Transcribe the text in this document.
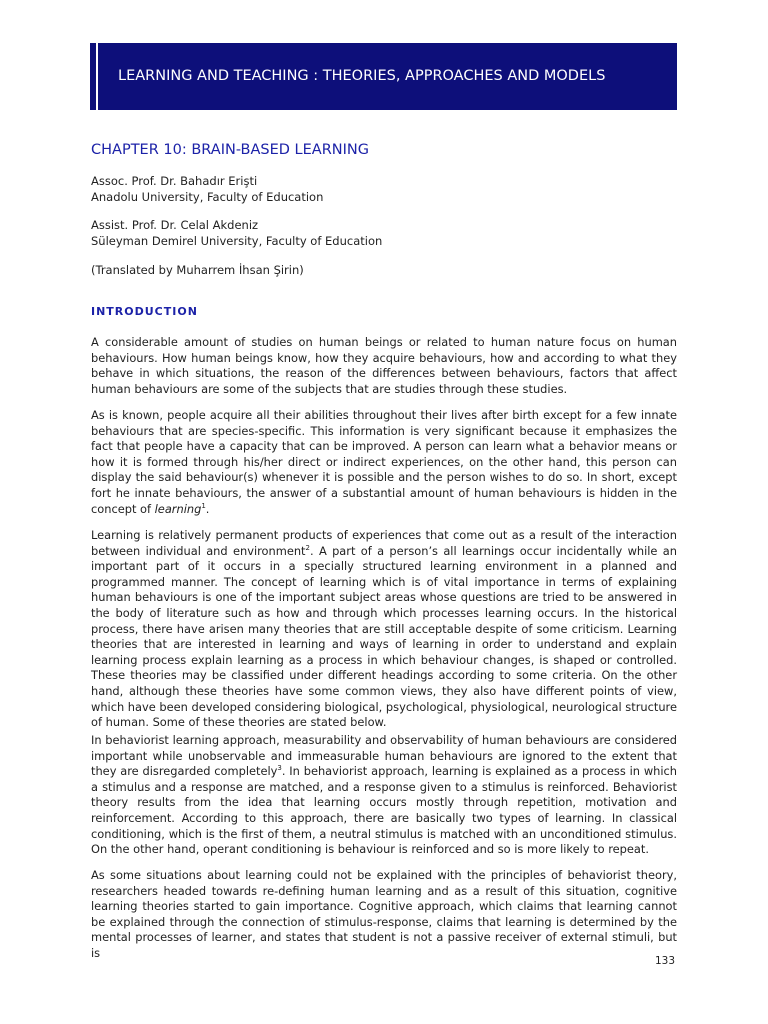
LEARNING AND TEACHING : THEORIES, APPROACHES AND MODELS
CHAPTER 10: BRAIN-BASED LEARNING
Assoc. Prof. Dr. Bahadır Erişti
Anadolu University, Faculty of Education
Assist. Prof. Dr. Celal Akdeniz
Süleyman Demirel University, Faculty of Education
(Translated by Muharrem İhsan Şirin)
INTRODUCTION

A considerable amount of studies on human beings or related to human nature focus on human behaviours. How human beings know, how they acquire behaviours, how and according to what they behave in which situations, the reason of the differences between behaviours, factors that affect human behaviours are some of the subjects that are studies through these studies.

As is known, people acquire all their abilities throughout their lives after birth except for a few innate behaviours that are species-specific. This information is very significant because it emphasizes the fact that people have a capacity that can be improved. A person can learn what a behavior means or how it is formed through his/her direct or indirect experiences, on the other hand, this person can display the said behaviour(s) whenever it is possible and the person wishes to do so. In short, except fort he innate behaviours, the answer of a substantial amount of human behaviours is hidden in the concept of learning$^1$.

Learning is relatively permanent products of experiences that come out as a result of the interaction between individual and environment$^2$. A part of a person’s all learnings occur incidentally while an important part of it occurs in a specially structured learning environment in a planned and programmed manner. The concept of learning which is of vital importance in terms of explaining human behaviours is one of the important subject areas whose questions are tried to be answered in the body of literature such as how and through which processes learning occurs. In the historical process, there have arisen many theories that are still acceptable despite of some criticism. Learning theories that are interested in learning and ways of learning in order to understand and explain learning process explain learning as a process in which behaviour changes, is shaped or controlled. These theories may be classified under different headings according to some criteria. On the other hand, although these theories have some common views, they also have different points of view, which have been developed considering biological, psychological, physiological, neurological structure of human. Some of these theories are stated below.

In behaviorist learning approach, measurability and observability of human behaviours are considered important while unobservable and immeasurable human behaviours are ignored to the extent that they are disregarded completely$^3$. In behaviorist approach, learning is explained as a process in which a stimulus and a response are matched, and a response given to a stimulus is reinforced. Behaviorist theory results from the idea that learning occurs mostly through repetition, motivation and reinforcement. According to this approach, there are basically two types of learning. In classical conditioning, which is the first of them, a neutral stimulus is matched with an unconditioned stimulus. On the other hand, operant conditioning is behaviour is reinforced and so is more likely to repeat.

As some situations about learning could not be explained with the principles of behaviorist theory, researchers headed towards re-defining human learning and as a result of this situation, cognitive learning theories started to gain importance. Cognitive approach, which claims that learning cannot be explained through the connection of stimulus-response, claims that learning is determined by the mental processes of learner, and states that student is not a passive receiver of external stimuli, but is

133
